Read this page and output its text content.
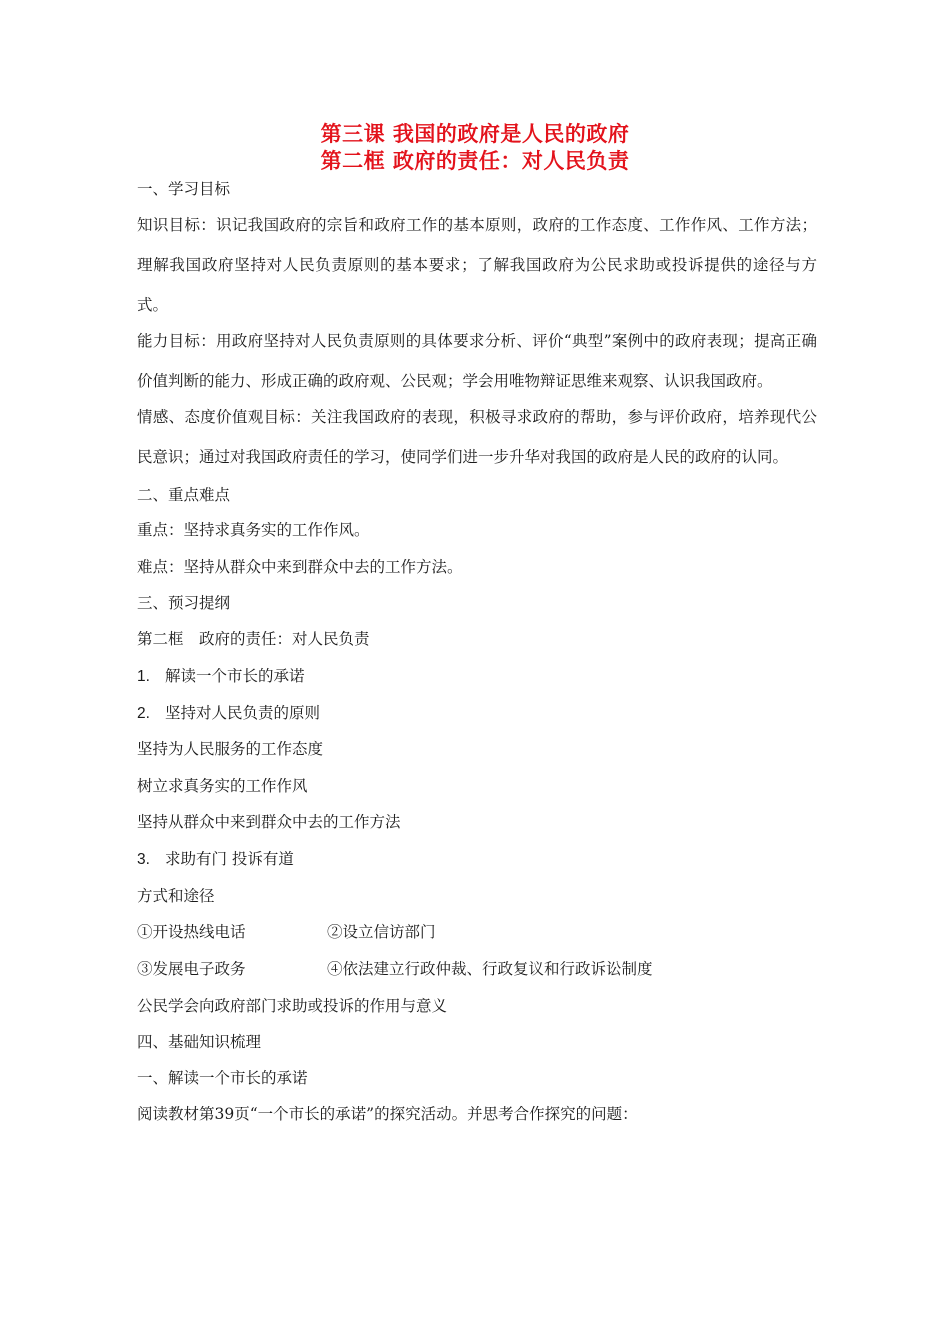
第三课 我国的政府是人民的政府
第二框 政府的责任：对人民负责
一、学习目标
知识目标：识记我国政府的宗旨和政府工作的基本原则，政府的工作态度、工作作风、工作方法；理解我国政府坚持对人民负责原则的基本要求；了解我国政府为公民求助或投诉提供的途径与方式。
能力目标：用政府坚持对人民负责原则的具体要求分析、评价“典型”案例中的政府表现；提高正确价值判断的能力、形成正确的政府观、公民观；学会用唯物辩证思维来观察、认识我国政府。
情感、态度价值观目标：关注我国政府的表现，积极寻求政府的帮助，参与评价政府，培养现代公民意识；通过对我国政府责任的学习，使同学们进一步升华对我国的政府是人民的政府的认同。
二、重点难点
重点：坚持求真务实的工作作风。
难点：坚持从群众中来到群众中去的工作方法。
三、预习提纲
第二框　政府的责任：对人民负责
1. 解读一个市长的承诺
2. 坚持对人民负责的原则
坚持为人民服务的工作态度
树立求真务实的工作作风
坚持从群众中来到群众中去的工作方法
3. 求助有门 投诉有道
方式和途径
①开设热线电话	②设立信访部门
③发展电子政务	④依法建立行政仲裁、行政复议和行政诉讼制度
公民学会向政府部门求助或投诉的作用与意义
四、基础知识梳理
一、解读一个市长的承诺
阅读教材第39页“一个市长的承诺”的探究活动。并思考合作探究的问题：
